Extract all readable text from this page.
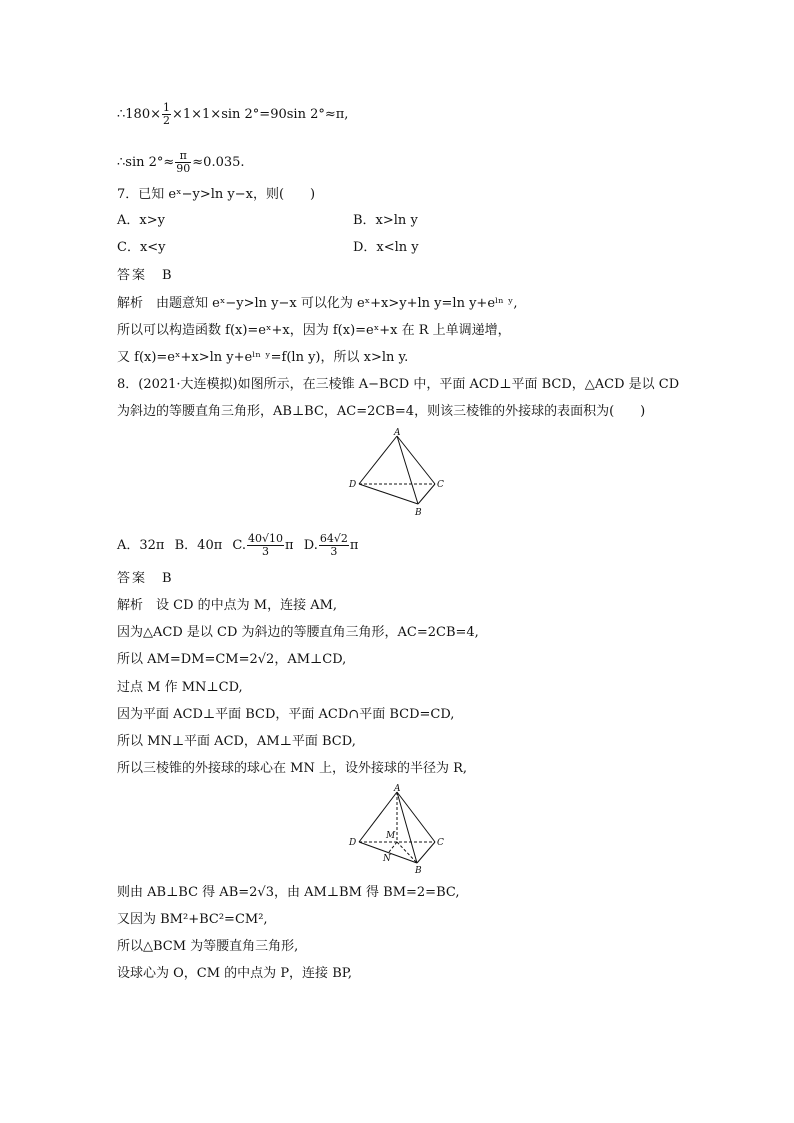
∴180× $\frac{1}{2} \times 1\times 1\times\sin$ 2°=90sin 2°≈π,
∴sin $2^\circ\approx \frac{\pi}{90} \approx 0.035$.
7．已知 eˣ−y>ln y−x，则(　　)
A．x>y	B．x>ln y
C．x<y	D．x<ln y
答案　B
解析　由题意知 eˣ−y>ln y−x 可以化为 eˣ+x>y+ln y=ln y+eˡⁿ ʸ,
所以可以构造函数 f(x)=eˣ+x，因为 f(x)=eˣ+x 在 R 上单调递增，
又 f(x)=eˣ+x>ln y+eˡⁿ ʸ=f(ln y)，所以 x>ln y.
8．(2021·大连模拟)如图所示，在三棱锥 A−BCD 中，平面 ACD⊥平面 BCD，△ACD 是以 CD
为斜边的等腰直角三角形，AB⊥BC，AC=2CB=4，则该三棱锥的外接球的表面积为(　　)
A
D	C
B
A．32π B．40π C. $\frac{40√10}{3}$ π D. $\frac{64√2}{3}$ π
答案　B
解析　设 CD 的中点为 M，连接 AM,
因为△ACD 是以 CD 为斜边的等腰直角三角形，AC=2CB=4,
所以 AM=DM=CM=2√2，AM⊥CD,
过点 M 作 MN⊥CD,
因为平面 ACD⊥平面 BCD，平面 ACD∩平面 BCD=CD,
所以 MN⊥平面 ACD，AM⊥平面 BCD,
所以三棱锥的外接球的球心在 MN 上，设外接球的半径为 R,
A
D	C
B
M
N
则由 AB⊥BC 得 AB=2√3，由 AM⊥BM 得 BM=2=BC,
又因为 BM²+BC²=CM²,
所以△BCM 为等腰直角三角形,
设球心为 O，CM 的中点为 P，连接 BP,
